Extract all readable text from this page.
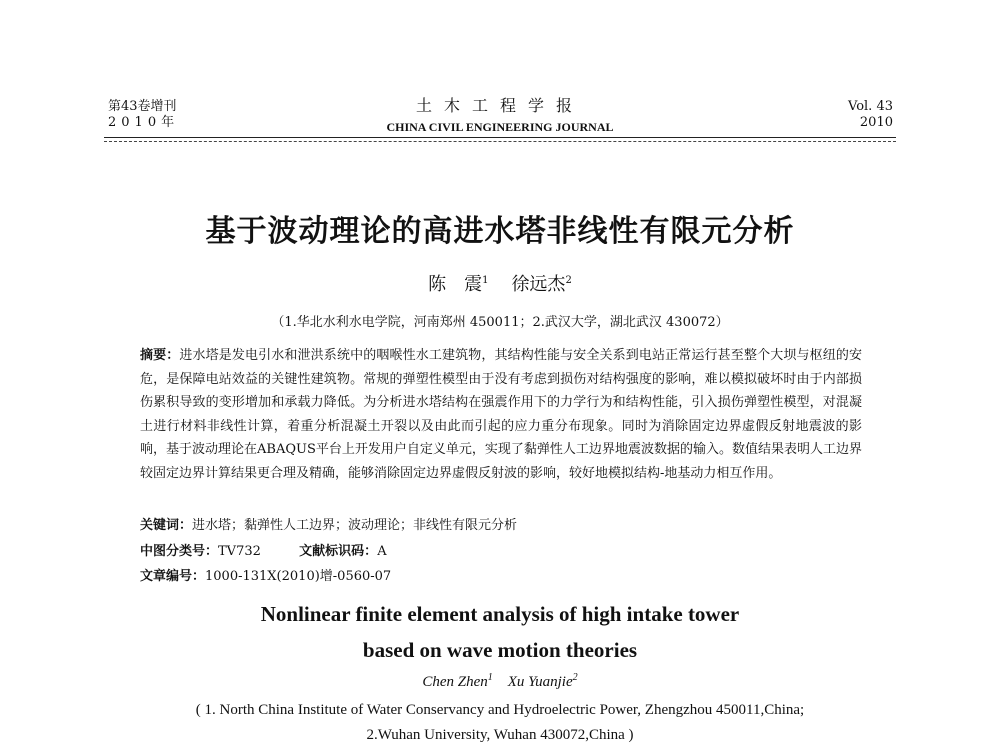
第43卷增刊
2010年
土木工程学报
CHINA CIVIL ENGINEERING JOURNAL
Vol. 43
2010
基于波动理论的高进水塔非线性有限元分析
陈　震$^1$ 徐远杰$^2$
（1.华北水利水电学院，河南郑州 450011；2.武汉大学，湖北武汉 430072）
摘要：进水塔是发电引水和泄洪系统中的咽喉性水工建筑物，其结构性能与安全关系到电站正常运行甚至整个大坝与枢纽的安危，是保障电站效益的关键性建筑物。常规的弹塑性模型由于没有考虑到损伤对结构强度的影响，难以模拟破坏时由于内部损伤累积导致的变形增加和承载力降低。为分析进水塔结构在强震作用下的力学行为和结构性能，引入损伤弹塑性模型，对混凝土进行材料非线性计算，着重分析混凝土开裂以及由此而引起的应力重分布现象。同时为消除固定边界虚假反射地震波的影响，基于波动理论在ABAQUS平台上开发用户自定义单元，实现了黏弹性人工边界地震波数据的输入。数值结果表明人工边界较固定边界计算结果更合理及精确，能够消除固定边界虚假反射波的影响，较好地模拟结构-地基动力相互作用。
关键词：进水塔；黏弹性人工边界；波动理论；非线性有限元分析
中图分类号：TV732	文献标识码：A
文章编号：1000-131X(2010)增-0560-07
Nonlinear finite element analysis of high intake tower
based on wave motion theories
Chen Zhen$^1$ Xu Yuanjie$^2$
( 1. North China Institute of Water Conservancy and Hydroelectric Power, Zhengzhou 450011,China;
2.Wuhan University, Wuhan 430072,China )
